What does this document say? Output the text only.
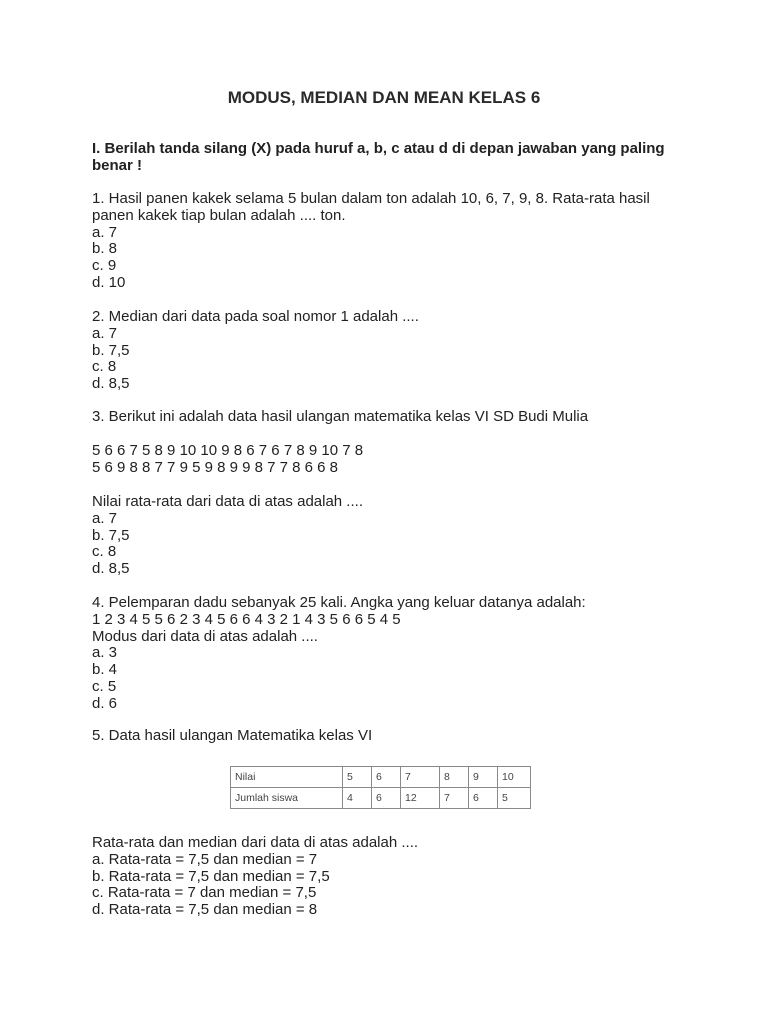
MODUS, MEDIAN DAN MEAN KELAS 6
I. Berilah tanda silang (X) pada huruf a, b, c atau d di depan jawaban yang paling benar !
1. Hasil panen kakek selama 5 bulan dalam ton adalah 10, 6, 7, 9, 8. Rata-rata hasil
panen kakek tiap bulan adalah .... ton.
a. 7
b. 8
c. 9
d. 10
2. Median dari data pada soal nomor 1 adalah ....
a. 7
b. 7,5
c. 8
d. 8,5
3. Berikut ini adalah data hasil ulangan matematika kelas VI SD Budi Mulia
5 6 6 7 5 8 9 10 10 9 8 6 7 6 7 8 9 10 7 8
5 6 9 8 8 7 7 9 5 9 8 9 9 8 7 7 8 6 6 8
Nilai rata-rata dari data di atas adalah ....
a. 7
b. 7,5
c. 8
d. 8,5
4. Pelemparan dadu sebanyak 25 kali. Angka yang keluar datanya adalah:
1 2 3 4 5 5 6 2 3 4 5 6 6 4 3 2 1 4 3 5 6 6 5 4 5
Modus dari data di atas adalah ....
a. 3
b. 4
c. 5
d. 6
5. Data hasil ulangan Matematika kelas VI
Nilai	5	6	7	8	9	10
Jumlah siswa	4	6	12	7	6	5
Rata-rata dan median dari data di atas adalah ....
a. Rata-rata = 7,5 dan median = 7
b. Rata-rata = 7,5 dan median = 7,5
c. Rata-rata = 7 dan median = 7,5
d. Rata-rata = 7,5 dan median = 8
